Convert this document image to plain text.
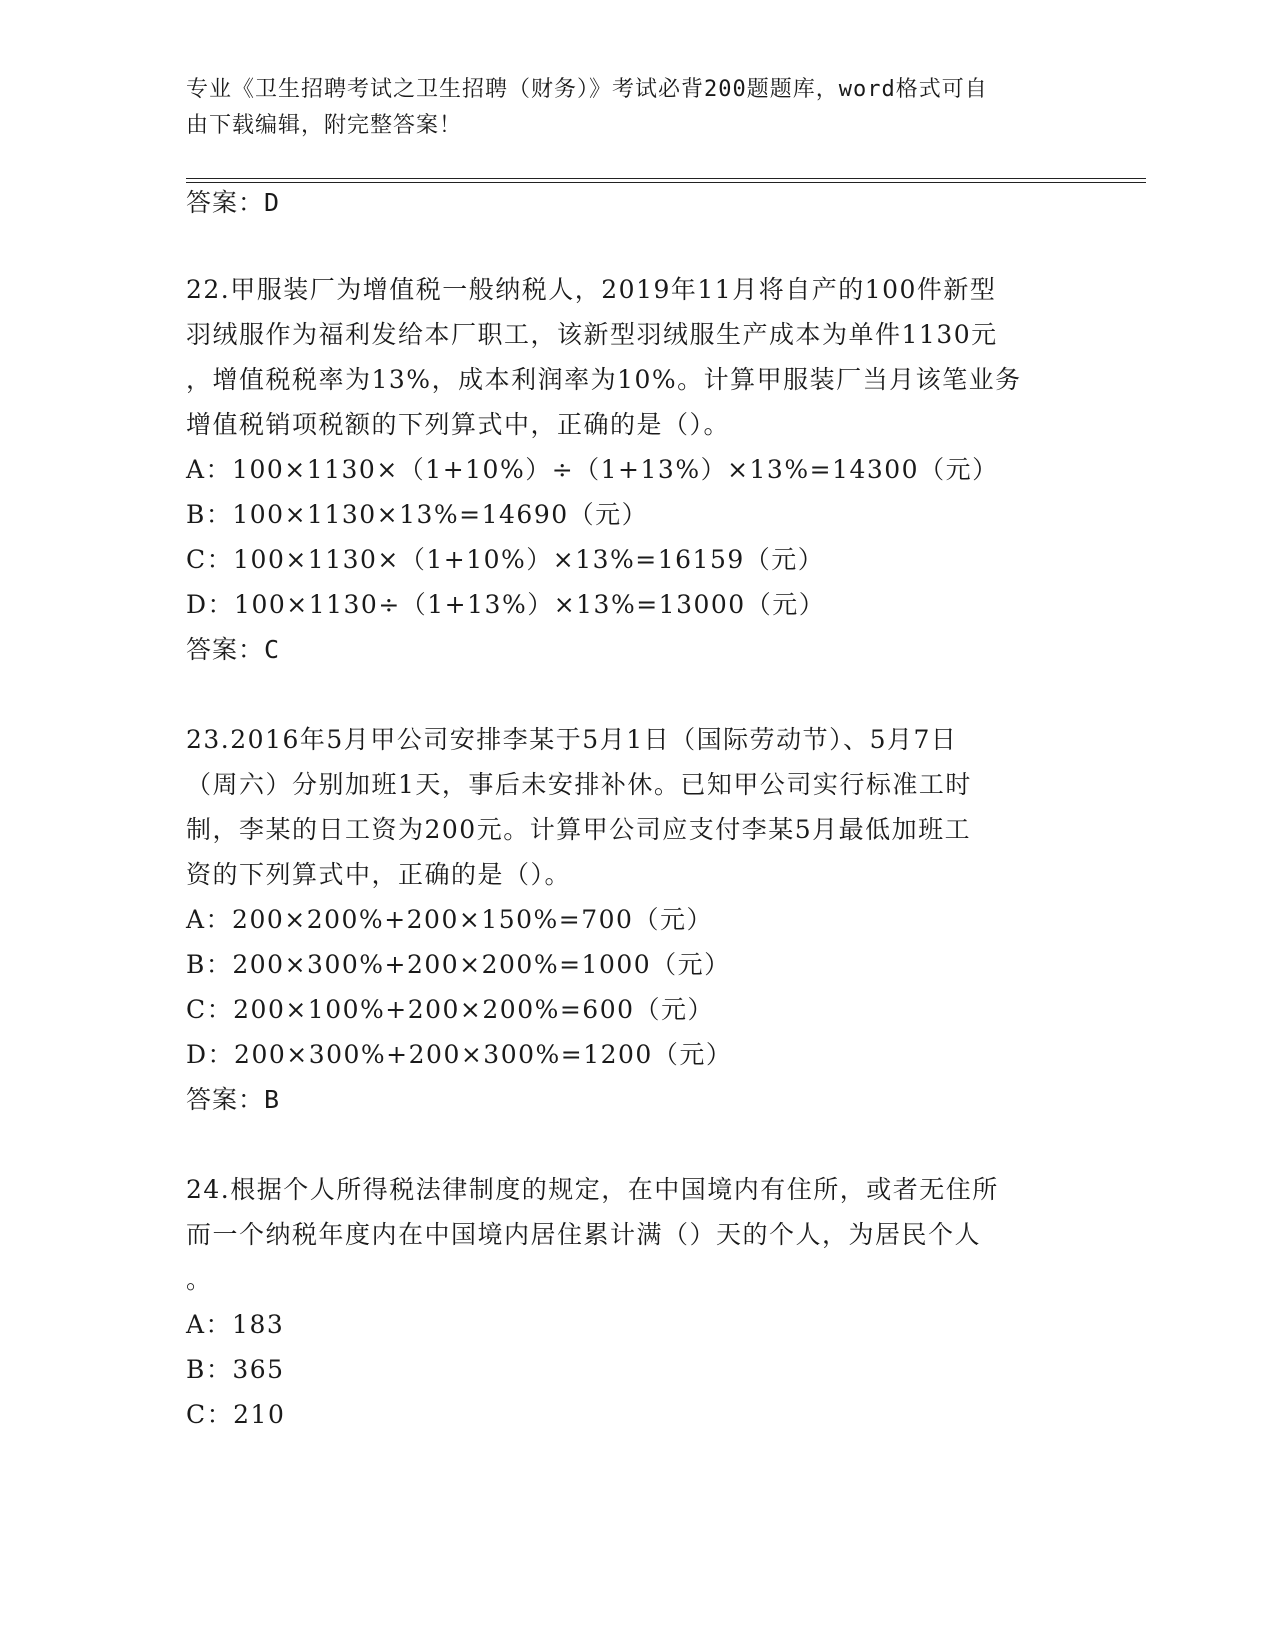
专业《卫生招聘考试之卫生招聘（财务）》考试必背200题题库，word格式可自
由下载编辑，附完整答案！
答案：D
22.甲服装厂为增值税一般纳税人，2019年11月将自产的100件新型
羽绒服作为福利发给本厂职工，该新型羽绒服生产成本为单件1130元
，增值税税率为13%，成本利润率为10%。计算甲服装厂当月该笔业务
增值税销项税额的下列算式中，正确的是（）。
A：100×1130×（1+10%）÷（1+13%）×13%=14300（元）
B：100×1130×13%=14690（元）
C：100×1130×（1+10%）×13%=16159（元）
D：100×1130÷（1+13%）×13%=13000（元）
答案：C
23.2016年5月甲公司安排李某于5月1日（国际劳动节）、5月7日
（周六）分别加班1天，事后未安排补休。已知甲公司实行标准工时
制，李某的日工资为200元。计算甲公司应支付李某5月最低加班工
资的下列算式中，正确的是（）。
A：200×200%+200×150%=700（元）
B：200×300%+200×200%=1000（元）
C：200×100%+200×200%=600（元）
D：200×300%+200×300%=1200（元）
答案：B
24.根据个人所得税法律制度的规定，在中国境内有住所，或者无住所
而一个纳税年度内在中国境内居住累计满（）天的个人，为居民个人
。
A：183
B：365
C：210
